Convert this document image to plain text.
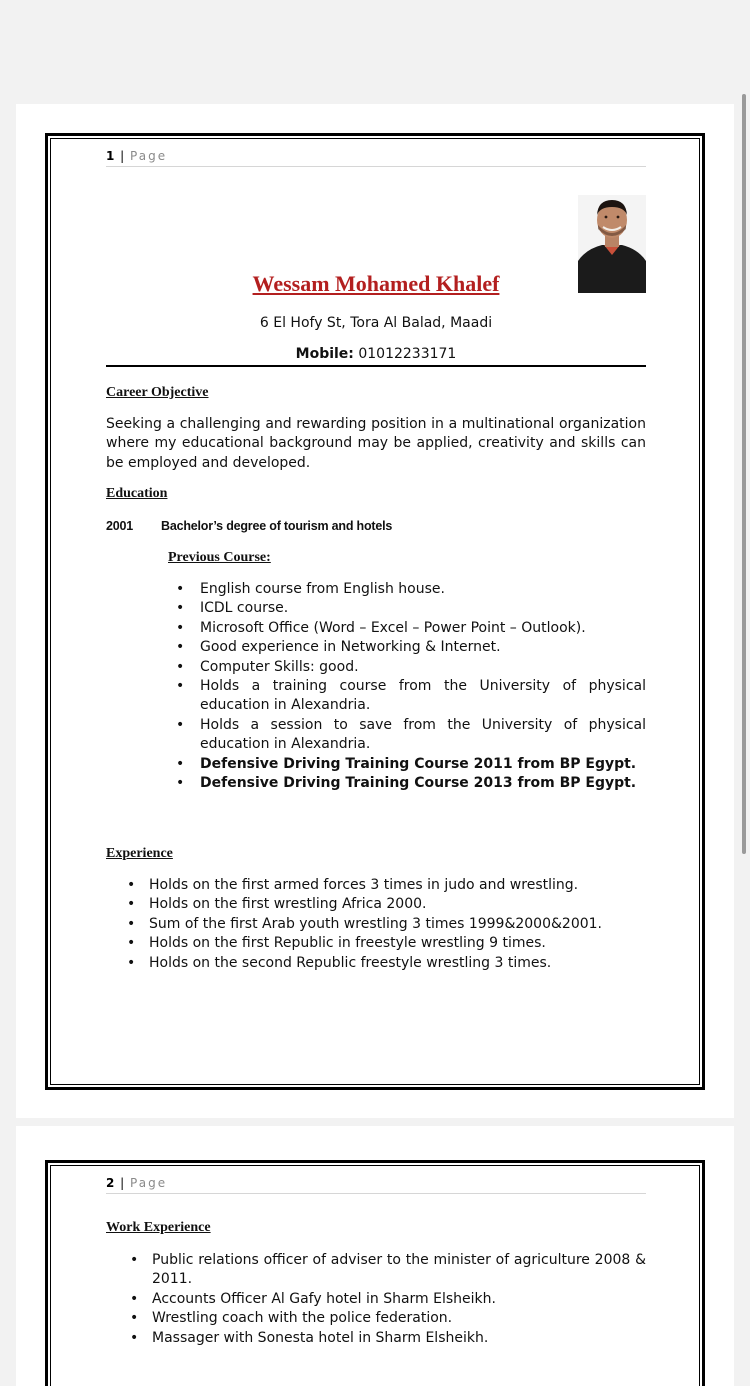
1 | Page
Wessam Mohamed Khalef
6 El Hofy St, Tora Al Balad, Maadi
Mobile: 01012233171
Career Objective
Seeking a challenging and rewarding position in a multinational organization where my educational background may be applied, creativity and skills can be employed and developed.
Education
2001 Bachelor’s degree of tourism and hotels
Previous Course:
• English course from English house.
• ICDL course.
• Microsoft Office (Word – Excel – Power Point – Outlook).
• Good experience in Networking & Internet.
• Computer Skills: good.
• Holds a training course from the University of physical education in Alexandria.
• Holds a session to save from the University of physical education in Alexandria.
• Defensive Driving Training Course 2011 from BP Egypt.
• Defensive Driving Training Course 2013 from BP Egypt.
Experience
• Holds on the first armed forces 3 times in judo and wrestling.
• Holds on the first wrestling Africa 2000.
• Sum of the first Arab youth wrestling 3 times 1999&2000&2001.
• Holds on the first Republic in freestyle wrestling 9 times.
• Holds on the second Republic freestyle wrestling 3 times.
2 | Page
Work Experience
• Public relations officer of adviser to the minister of agriculture 2008 & 2011.
• Accounts Officer Al Gafy hotel in Sharm Elsheikh.
• Wrestling coach with the police federation.
• Massager with Sonesta hotel in Sharm Elsheikh.
